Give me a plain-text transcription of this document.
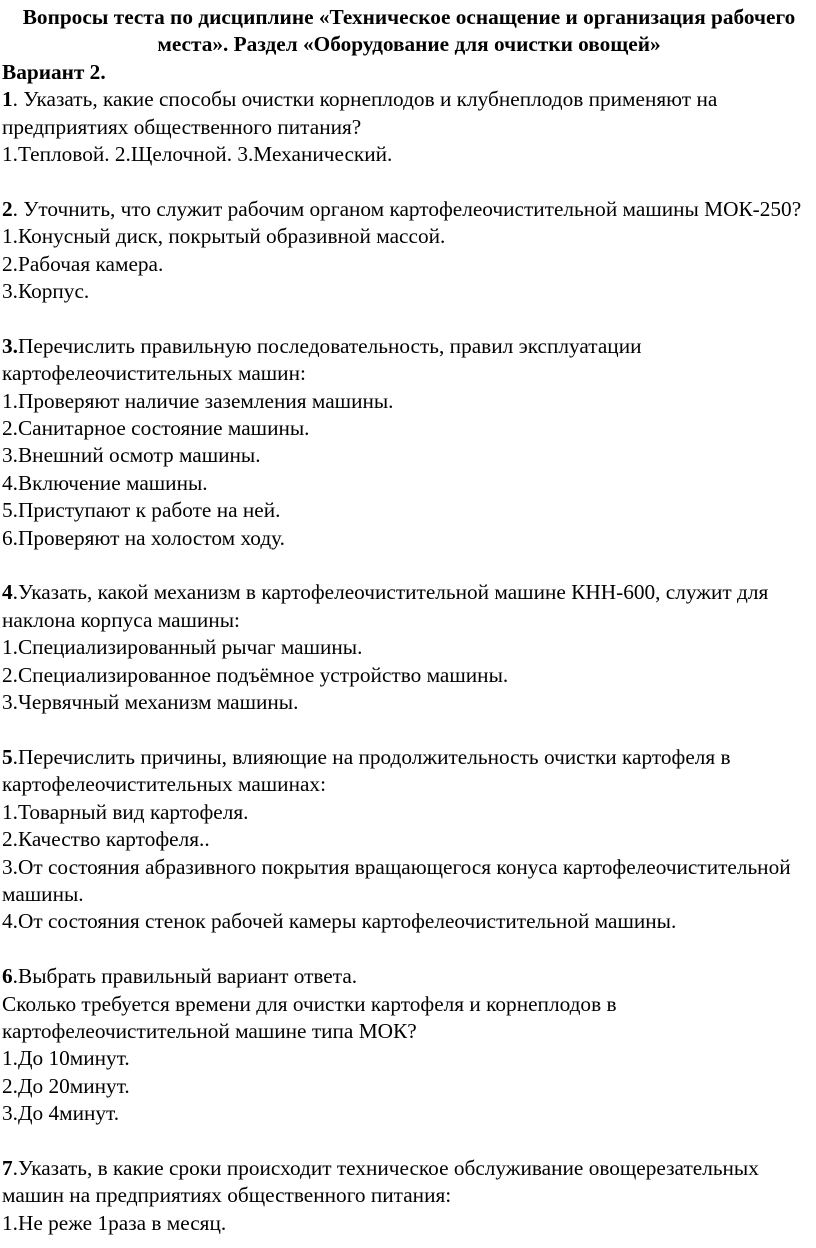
Вопросы теста по дисциплине «Техническое оснащение и организация рабочего места». Раздел «Оборудование для очистки овощей»

Вариант 2.

1. Указать, какие способы очистки корнеплодов и клубнеплодов применяют на предприятиях общественного питания?

1.Тепловой. 2.Щелочной. 3.Механический.

2. Уточнить, что служит рабочим органом картофелеочистительной машины МОК-250?

1.Конусный диск, покрытый образивной массой.
2.Рабочая камера.
3.Корпус.

3.Перечислить правильную последовательность, правил эксплуатации картофелеочистительных машин:

1.Проверяют наличие заземления машины.
2.Санитарное состояние машины.
3.Внешний осмотр машины.
4.Включение машины.
5.Приступают к работе на ней.
6.Проверяют на холостом ходу.

4.Указать, какой механизм в картофелеочистительной машине КНН-600, служит для наклона корпуса машины:

1.Специализированный рычаг машины.
2.Специализированное подъёмное устройство машины.
3.Червячный механизм машины.

5.Перечислить причины, влияющие на продолжительность очистки картофеля в картофелеочистительных машинах:

1.Товарный вид картофеля.
2.Качество картофеля..
3.От состояния абразивного покрытия вращающегося конуса картофелеочистительной машины.
4.От состояния стенок рабочей камеры картофелеочистительной машины.

6.Выбрать правильный вариант ответа.

Сколько требуется времени для очистки картофеля и корнеплодов в картофелеочистительной машине типа МОК?

1.До 10минут.
2.До 20минут.
3.До 4минут.

7.Указать, в какие сроки происходит техническое обслуживание овощерезательных машин на предприятиях общественного питания:

1.Не реже 1раза в месяц.
